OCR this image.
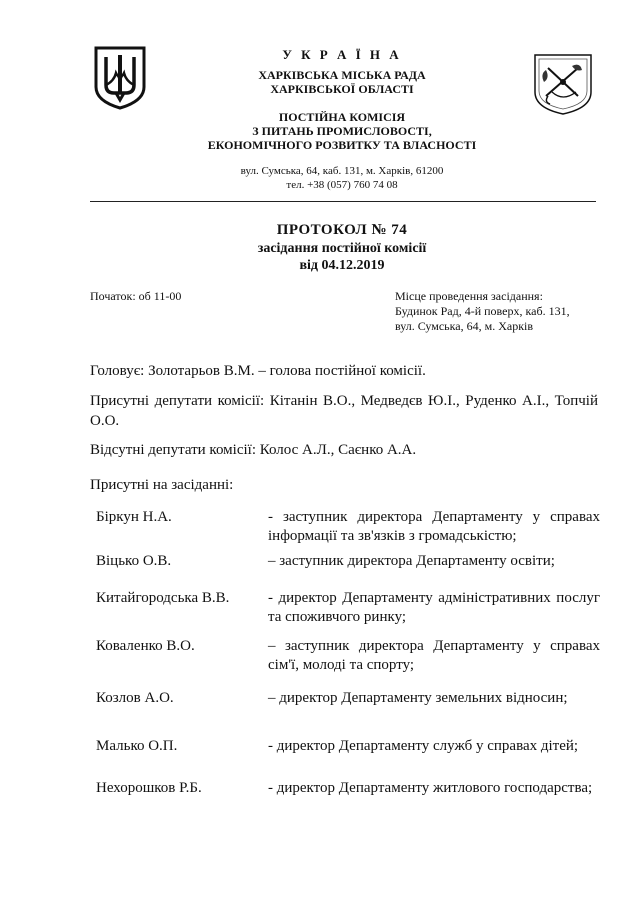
У К Р А Ї Н А
ХАРКІВСЬКА МІСЬКА РАДА
ХАРКІВСЬКОЇ ОБЛАСТІ
ПОСТІЙНА КОМІСІЯ
З ПИТАНЬ ПРОМИСЛОВОСТІ,
ЕКОНОМІЧНОГО РОЗВИТКУ ТА ВЛАСНОСТІ
вул. Сумська, 64, каб. 131, м. Харків, 61200
тел. +38 (057) 760 74 08
ПРОТОКОЛ № 74
засідання постійної комісії
від 04.12.2019
Початок: об 11-00	Місце проведення засідання:
Будинок Рад, 4-й поверх, каб. 131,
вул. Сумська, 64, м. Харків
Головує: Золотарьов В.М. – голова постійної комісії.
Присутні депутати комісії: Кітанін В.О., Медведєв Ю.І., Руденко А.І., Топчій О.О.
Відсутні депутати комісії: Колос А.Л., Саєнко А.А.
Присутні на засіданні:
Біркун Н.А.	- заступник директора Департаменту у справах інформації та зв'язків з громадськістю;
Віцько О.В.	– заступник директора Департаменту освіти;
Китайгородська В.В.	- директор Департаменту адміністративних послуг та споживчого ринку;
Коваленко В.О.	– заступник директора Департаменту у справах сім'ї, молоді та спорту;
Козлов А.О.	– директор Департаменту земельних відносин;
Малько О.П.	- директор Департаменту служб у справах дітей;
Нехорошков Р.Б.	- директор Департаменту житлового господарства;
